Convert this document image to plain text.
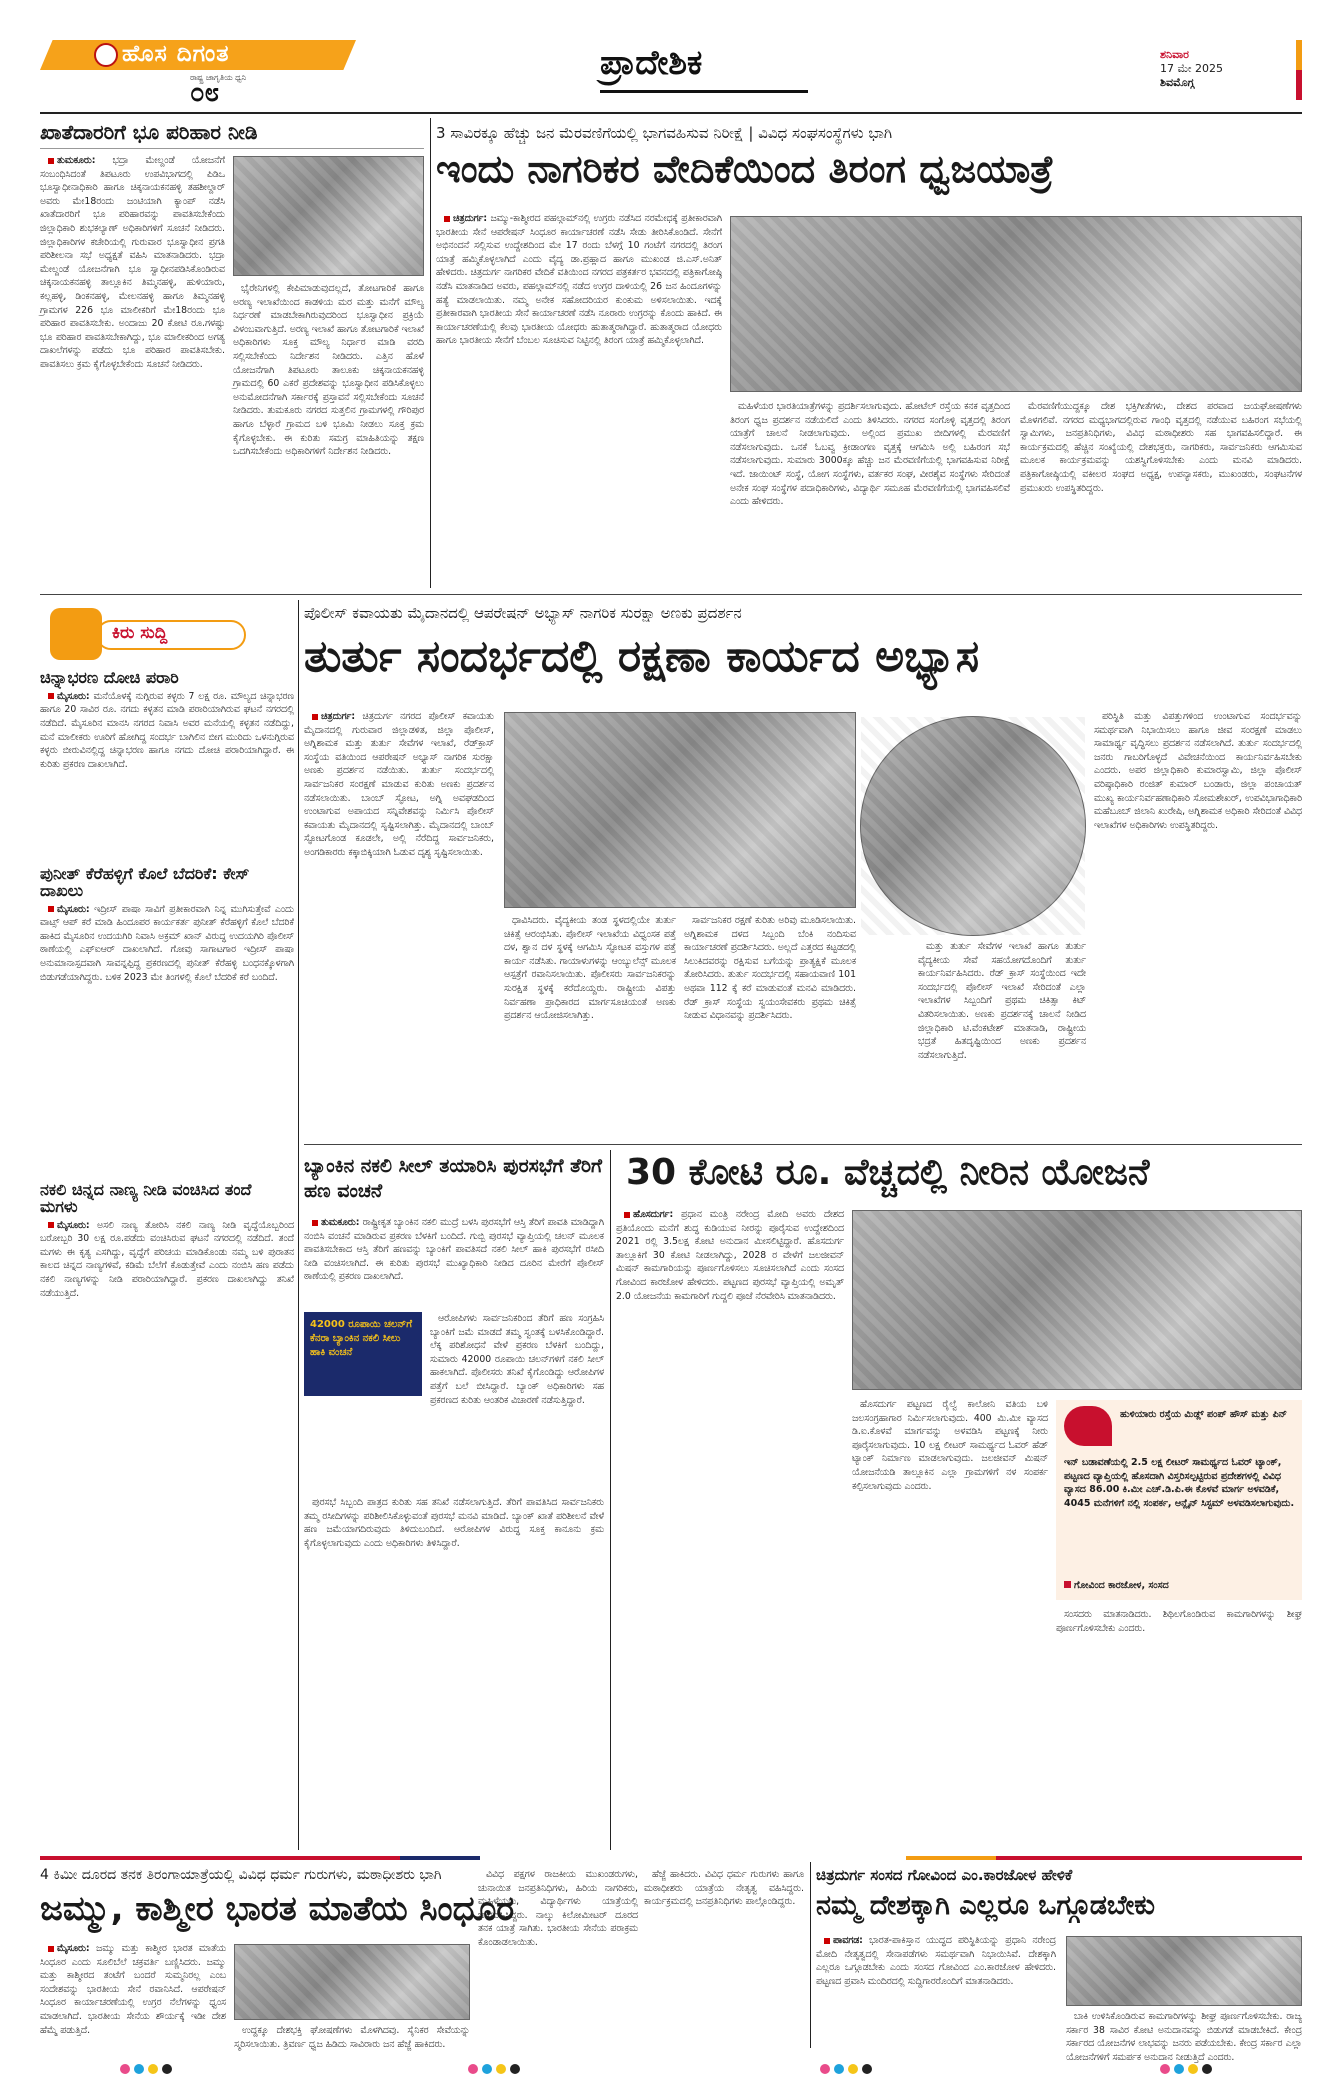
ಹೊಸ ದಿಗಂತ
ರಾಷ್ಟ್ರ ಜಾಗೃತಿಯ ಧ್ವನಿ
೦೮
ಪ್ರಾದೇಶಿಕ	ಶನಿವಾರ
17 ಮೇ 2025
ಶಿವಮೊಗ್ಗ
ಖಾತೆದಾರರಿಗೆ ಭೂ ಪರಿಹಾರ ನೀಡಿ

ತುಮಕೂರು: ಭದ್ರಾ ಮೇಲ್ದಂಡೆ ಯೋಜನೆಗೆ ಸಂಬಂಧಿಸಿದಂತೆ ತಿಪಟೂರು ಉಪವಿಭಾಗದಲ್ಲಿ ಪಿಡಿಒ ಭೂಸ್ವಾಧೀನಾಧಿಕಾರಿ ಹಾಗೂ ಚಿಕ್ಕನಾಯಕನಹಳ್ಳಿ ತಹಶೀಲ್ದಾರ್ ಅವರು ಮೇ18ರಂದು ಜಂಟಿಯಾಗಿ ಕ್ಯಾಂಪ್ ನಡೆಸಿ ಖಾತೆದಾರರಿಗೆ ಭೂ ಪರಿಹಾರವನ್ನು ಪಾವತಿಸಬೇಕೆಂದು ಜಿಲ್ಲಾಧಿಕಾರಿ ಶುಭಕಲ್ಯಾಣ್ ಅಧಿಕಾರಿಗಳಿಗೆ ಸೂಚನೆ ನೀಡಿದರು. ಜಿಲ್ಲಾಧಿಕಾರಿಗಳ ಕಚೇರಿಯಲ್ಲಿ ಗುರುವಾರ ಭೂಸ್ವಾಧೀನ ಪ್ರಗತಿ ಪರಿಶೀಲನಾ ಸಭೆ ಅಧ್ಯಕ್ಷತೆ ವಹಿಸಿ ಮಾತನಾಡಿದರು. ಭದ್ರಾ ಮೇಲ್ದಂಡೆ ಯೋಜನೆಗಾಗಿ ಭೂ ಸ್ವಾಧೀನಪಡಿಸಿಕೊಂಡಿರುವ ಚಿಕ್ಕನಾಯಕನಹಳ್ಳಿ ತಾಲ್ಲೂಕಿನ ತಿಮ್ಮನಹಳ್ಳಿ, ಹುಳಿಯಾರು, ಕಲ್ಲಹಳ್ಳಿ, ಡಿಂಕನಹಳ್ಳಿ, ಮೇಲನಹಳ್ಳಿ ಹಾಗೂ ತಿಮ್ಮನಹಳ್ಳಿ ಗ್ರಾಮಗಳ 226 ಭೂ ಮಾಲೀಕರಿಗೆ ಮೇ18ರಂದು ಭೂ ಪರಿಹಾರ ಪಾವತಿಸಬೇಕು. ಅಂದಾಜು 20 ಕೋಟಿ ರೂ.ಗಳಷ್ಟು ಭೂ ಪರಿಹಾರ ಪಾವತಿಸಬೇಕಾಗಿದ್ದು, ಭೂ ಮಾಲೀಕರಿಂದ ಅಗತ್ಯ ದಾಖಲೆಗಳನ್ನು ಪಡೆದು ಭೂ ಪರಿಹಾರ ಪಾವತಿಸಬೇಕು. ಪಾವತಿಸಲು ಕ್ರಮ ಕೈಗೊಳ್ಳಬೇಕೆಂದು ಸೂಚನೆ ನೀಡಿದರು.

ಭೈರೇನಿಗಳಲ್ಲಿ ಕೇಪಿಮಾಡುವುದಲ್ಲದೆ, ತೋಟಗಾರಿಕೆ ಹಾಗೂ ಅರಣ್ಯ ಇಲಾಖೆಯಿಂದ ಕಾಡಳಿಯ ಮರ ಮತ್ತು ಮನೆಗೆ ಮೌಲ್ಯ ನಿರ್ಧರಣೆ ಮಾಡಬೇಕಾಗಿರುವುದರಿಂದ ಭೂಸ್ವಾಧೀನ ಪ್ರಕ್ರಿಯೆ ವಿಳಂಬವಾಗುತ್ತಿದೆ. ಅರಣ್ಯ ಇಲಾಖೆ ಹಾಗೂ ತೋಟಗಾರಿಕೆ ಇಲಾಖೆ ಅಧಿಕಾರಿಗಳು ಸೂಕ್ತ ಮೌಲ್ಯ ನಿರ್ಧಾರ ಮಾಡಿ ವರದಿ ಸಲ್ಲಿಸಬೇಕೆಂದು ನಿರ್ದೇಶನ ನೀಡಿದರು. ಎತ್ತಿನ ಹೊಳೆ ಯೋಜನೆಗಾಗಿ ತಿಪಟೂರು ತಾಲೂಕು ಚಿಕ್ಕನಾಯಕನಹಳ್ಳಿ ಗ್ರಾಮದಲ್ಲಿ 60 ಎಕರೆ ಪ್ರದೇಶವನ್ನು ಭೂಸ್ವಾಧೀನ ಪಡಿಸಿಕೊಳ್ಳಲು ಅನುಮೋದನೆಗಾಗಿ ಸರ್ಕಾರಕ್ಕೆ ಪ್ರಸ್ತಾವನೆ ಸಲ್ಲಿಸಬೇಕೆಂದು ಸೂಚನೆ ನೀಡಿದರು. ತುಮಕೂರು ನಗರದ ಸುತ್ತಲಿನ ಗ್ರಾಮಗಳಲ್ಲಿ ಗೌರಿಪುರ ಹಾಗೂ ಬೆಳ್ಳಾರೆ ಗ್ರಾಮದ ಬಳಿ ಭೂಮಿ ನೀಡಲು ಸೂಕ್ತ ಕ್ರಮ ಕೈಗೊಳ್ಳಬೇಕು. ಈ ಕುರಿತು ಸಮಗ್ರ ಮಾಹಿತಿಯನ್ನು ತಕ್ಷಣ ಒದಗಿಸಬೇಕೆಂದು ಅಧಿಕಾರಿಗಳಿಗೆ ನಿರ್ದೇಶನ ನೀಡಿದರು.

3 ಸಾವಿರಕ್ಕೂ ಹೆಚ್ಚು ಜನ ಮೆರವಣಿಗೆಯಲ್ಲಿ ಭಾಗವಹಿಸುವ ನಿರೀಕ್ಷೆ | ವಿವಿಧ ಸಂಘಸಂಸ್ಥೆಗಳು ಭಾಗಿ
ಇಂದು ನಾಗರಿಕರ ವೇದಿಕೆಯಿಂದ ತಿರಂಗ ಧ್ವಜಯಾತ್ರೆ

ಚಿತ್ರದುರ್ಗ: ಜಮ್ಮು-ಕಾಶ್ಮೀರದ ಪಹಲ್ಗಾಮ್‌ನಲ್ಲಿ ಉಗ್ರರು ನಡೆಸಿದ ನರಮೇಧಕ್ಕೆ ಪ್ರತೀಕಾರವಾಗಿ ಭಾರತೀಯ ಸೇನೆ ಆಪರೇಷನ್ ಸಿಂಧೂರ ಕಾರ್ಯಾಚರಣೆ ನಡೆಸಿ ಸೇಡು ತೀರಿಸಿಕೊಂಡಿದೆ. ಸೇನೆಗೆ ಅಭಿನಂದನೆ ಸಲ್ಲಿಸುವ ಉದ್ದೇಶದಿಂದ ಮೇ 17 ರಂದು ಬೆಳಗ್ಗೆ 10 ಗಂಟೆಗೆ ನಗರದಲ್ಲಿ ತಿರಂಗ ಯಾತ್ರೆ ಹಮ್ಮಿಕೊಳ್ಳಲಾಗಿದೆ ಎಂದು ವೈದ್ಯ ಡಾ.ಪ್ರಹ್ಲಾದ ಹಾಗೂ ಮುಖಂಡ ಜಿ.ಎಸ್.ಅನಿತ್ ಹೇಳಿದರು. ಚಿತ್ರದುರ್ಗ ನಾಗರಿಕರ ವೇದಿಕೆ ವತಿಯಿಂದ ನಗರದ ಪತ್ರಕರ್ತರ ಭವನದಲ್ಲಿ ಪತ್ರಿಕಾಗೋಷ್ಠಿ ನಡೆಸಿ ಮಾತನಾಡಿದ ಅವರು, ಪಹಲ್ಗಾಮ್‌ನಲ್ಲಿ ನಡೆದ ಉಗ್ರರ ದಾಳಿಯಲ್ಲಿ 26 ಜನ ಹಿಂದೂಗಳನ್ನು ಹತ್ಯೆ ಮಾಡಲಾಯಿತು. ನಮ್ಮ ಅನೇಕ ಸಹೋದರಿಯರ ಕುಂಕುಮ ಅಳಿಸಲಾಯಿತು. ಇದಕ್ಕೆ ಪ್ರತೀಕಾರವಾಗಿ ಭಾರತೀಯ ಸೇನೆ ಕಾರ್ಯಾಚರಣೆ ನಡೆಸಿ ನೂರಾರು ಉಗ್ರರನ್ನು ಕೊಂದು ಹಾಕಿದೆ. ಈ ಕಾರ್ಯಾಚರಣೆಯಲ್ಲಿ ಕೆಲವು ಭಾರತೀಯ ಯೋಧರು ಹುತಾತ್ಮರಾಗಿದ್ದಾರೆ. ಹುತಾತ್ಮರಾದ ಯೋಧರು ಹಾಗೂ ಭಾರತೀಯ ಸೇನೆಗೆ ಬೆಂಬಲ ಸೂಚಿಸುವ ನಿಟ್ಟಿನಲ್ಲಿ ತಿರಂಗ ಯಾತ್ರೆ ಹಮ್ಮಿಕೊಳ್ಳಲಾಗಿದೆ.

ಮಹಿಳೆಯರ ಭಾರತಿಯಾತ್ರೆಗಳನ್ನು ಪ್ರದರ್ಶಿಸಲಾಗುವುದು. ಹೋಟೆಲ್ ರಸ್ತೆಯ ಕನಕ ವೃತ್ತದಿಂದ ತಿರಂಗ ಧ್ವಜ ಪ್ರದರ್ಶನ ನಡೆಯಲಿದೆ ಎಂದು ತಿಳಿಸಿದರು. ನಗರದ ಸಂಗೊಳ್ಳಿ ವೃತ್ತದಲ್ಲಿ ತಿರಂಗ ಯಾತ್ರೆಗೆ ಚಾಲನೆ ನೀಡಲಾಗುವುದು. ಅಲ್ಲಿಂದ ಪ್ರಮುಖ ಬೀದಿಗಳಲ್ಲಿ ಮೆರವಣಿಗೆ ನಡೆಸಲಾಗುವುದು. ಒನಕೆ ಓಬವ್ವ ಕ್ರೀಡಾಂಗಣ ವೃತ್ತಕ್ಕೆ ಆಗಮಿಸಿ ಅಲ್ಲಿ ಬಹಿರಂಗ ಸಭೆ ನಡೆಸಲಾಗುವುದು. ಸುಮಾರು 3000ಕ್ಕೂ ಹೆಚ್ಚು ಜನ ಮೆರವಣಿಗೆಯಲ್ಲಿ ಭಾಗವಹಿಸುವ ನಿರೀಕ್ಷೆ ಇದೆ. ಜಾಯಿಂಟ್ ಸಂಸ್ಥೆ, ಯೋಗ ಸಂಸ್ಥೆಗಳು, ವರ್ತಕರ ಸಂಘ, ವೀರಶೈವ ಸಂಸ್ಥೆಗಳು ಸೇರಿದಂತೆ ಅನೇಕ ಸಂಘ ಸಂಸ್ಥೆಗಳ ಪದಾಧಿಕಾರಿಗಳು, ವಿದ್ಯಾರ್ಥಿ ಸಮೂಹ ಮೆರವಣಿಗೆಯಲ್ಲಿ ಭಾಗವಹಿಸಲಿವೆ ಎಂದು ಹೇಳಿದರು.

ಮೆರವಣಿಗೆಯುದ್ದಕ್ಕೂ ದೇಶ ಭಕ್ತಿಗೀತೆಗಳು, ದೇಶದ ಪರವಾದ ಜಯಘೋಷಣೆಗಳು ಮೊಳಗಲಿವೆ. ನಗರದ ಮಧ್ಯಭಾಗದಲ್ಲಿರುವ ಗಾಂಧಿ ವೃತ್ತದಲ್ಲಿ ನಡೆಯುವ ಬಹಿರಂಗ ಸಭೆಯಲ್ಲಿ ಸ್ವಾಮಿಗಳು, ಜನಪ್ರತಿನಿಧಿಗಳು, ವಿವಿಧ ಮಠಾಧೀಶರು ಸಹ ಭಾಗವಹಿಸಲಿದ್ದಾರೆ. ಈ ಕಾರ್ಯಕ್ರಮದಲ್ಲಿ ಹೆಚ್ಚಿನ ಸಂಖ್ಯೆಯಲ್ಲಿ ದೇಶಭಕ್ತರು, ನಾಗರಿಕರು, ಸಾರ್ವಜನಿಕರು ಆಗಮಿಸುವ ಮೂಲಕ ಕಾರ್ಯಕ್ರಮವನ್ನು ಯಶಸ್ವಿಗೊಳಿಸಬೇಕು ಎಂದು ಮನವಿ ಮಾಡಿದರು. ಪತ್ರಿಕಾಗೋಷ್ಠಿಯಲ್ಲಿ ವಕೀಲರ ಸಂಘದ ಅಧ್ಯಕ್ಷ, ಉಪನ್ಯಾಸಕರು, ಮುಖಂಡರು, ಸಂಘಟನೆಗಳ ಪ್ರಮುಖರು ಉಪಸ್ಥಿತರಿದ್ದರು.

ಕಿರು ಸುದ್ದಿ
ಚಿನ್ನಾಭರಣ ದೋಚಿ ಪರಾರಿ

ಮೈಸೂರು: ಮನೆಯೊಳಕ್ಕೆ ನುಗ್ಗಿರುವ ಕಳ್ಳರು 7 ಲಕ್ಷ ರೂ. ಮೌಲ್ಯದ ಚಿನ್ನಾಭರಣ ಹಾಗೂ 20 ಸಾವಿರ ರೂ. ನಗದು ಕಳ್ಳತನ ಮಾಡಿ ಪರಾರಿಯಾಗಿರುವ ಘಟನೆ ನಗರದಲ್ಲಿ ನಡೆದಿದೆ. ಮೈಸೂರಿನ ಮಾನಸಿ ನಗರದ ನಿವಾಸಿ ಅವರ ಮನೆಯಲ್ಲಿ ಕಳ್ಳತನ ನಡೆದಿದ್ದು, ಮನೆ ಮಾಲೀಕರು ಊರಿಗೆ ಹೋಗಿದ್ದ ಸಂದರ್ಭ ಬಾಗಿಲಿನ ಬೀಗ ಮುರಿದು ಒಳನುಗ್ಗಿರುವ ಕಳ್ಳರು ಬೀರುವಿನಲ್ಲಿದ್ದ ಚಿನ್ನಾಭರಣ ಹಾಗೂ ನಗದು ದೋಚಿ ಪರಾರಿಯಾಗಿದ್ದಾರೆ. ಈ ಕುರಿತು ಪ್ರಕರಣ ದಾಖಲಾಗಿದೆ.

ಪುನೀತ್ ಕೆರೆಹಳ್ಳಿಗೆ ಕೊಲೆ ಬೆದರಿಕೆ: ಕೇಸ್ ದಾಖಲು

ಮೈಸೂರು: ಇದ್ರೀಸ್ ಪಾಷಾ ಸಾವಿಗೆ ಪ್ರತೀಕಾರವಾಗಿ ನಿನ್ನ ಮುಗಿಸುತ್ತೇವೆ ಎಂದು ವಾಟ್ಸ್ ಆಪ್ ಕರೆ ಮಾಡಿ ಹಿಂದೂಪರ ಕಾರ್ಯಕರ್ತ ಪುನೀತ್ ಕೆರೆಹಳ್ಳಿಗೆ ಕೊಲೆ ಬೆದರಿಕೆ ಹಾಕಿದ ಮೈಸೂರಿನ ಉದಯಗಿರಿ ನಿವಾಸಿ ಅಕ್ರಮ್ ಖಾನ್ ವಿರುದ್ಧ ಉದಯಗಿರಿ ಪೊಲೀಸ್ ಠಾಣೆಯಲ್ಲಿ ಎಫ್‌ಐಆರ್ ದಾಖಲಾಗಿದೆ. ಗೋವು ಸಾಗಾಟಗಾರ ಇದ್ರೀಸ್ ಪಾಷಾ ಅನುಮಾನಾಸ್ಪದವಾಗಿ ಸಾವನ್ನಪ್ಪಿದ್ದ ಪ್ರಕರಣದಲ್ಲಿ ಪುನೀತ್ ಕೆರೆಹಳ್ಳಿ ಬಂಧನಕ್ಕೊಳಗಾಗಿ ಬಿಡುಗಡೆಯಾಗಿದ್ದರು. ಬಳಿಕ 2023 ಮೇ ತಿಂಗಳಲ್ಲಿ ಕೊಲೆ ಬೆದರಿಕೆ ಕರೆ ಬಂದಿದೆ.

ನಕಲಿ ಚಿನ್ನದ ನಾಣ್ಯ ನೀಡಿ ವಂಚಿಸಿದ ತಂದೆ ಮಗಳು

ಮೈಸೂರು: ಅಸಲಿ ನಾಣ್ಯ ತೋರಿಸಿ ನಕಲಿ ನಾಣ್ಯ ನೀಡಿ ವೃದ್ಧೆಯೊಬ್ಬರಿಂದ ಬರೋಬ್ಬರಿ 30 ಲಕ್ಷ ರೂ.ಪಡೆದು ವಂಚಿಸಿರುವ ಘಟನೆ ನಗರದಲ್ಲಿ ನಡೆದಿದೆ. ತಂದೆ ಮಗಳು ಈ ಕೃತ್ಯ ಎಸಗಿದ್ದು, ವೃದ್ಧೆಗೆ ಪರಿಚಯ ಮಾಡಿಕೊಂಡು ನಮ್ಮ ಬಳಿ ಪುರಾತನ ಕಾಲದ ಚಿನ್ನದ ನಾಣ್ಯಗಳಿವೆ, ಕಡಿಮೆ ಬೆಲೆಗೆ ಕೊಡುತ್ತೇವೆ ಎಂದು ನಂಬಿಸಿ ಹಣ ಪಡೆದು ನಕಲಿ ನಾಣ್ಯಗಳನ್ನು ನೀಡಿ ಪರಾರಿಯಾಗಿದ್ದಾರೆ. ಪ್ರಕರಣ ದಾಖಲಾಗಿದ್ದು ತನಿಖೆ ನಡೆಯುತ್ತಿದೆ.

ಪೊಲೀಸ್ ಕವಾಯತು ಮೈದಾನದಲ್ಲಿ ಆಪರೇಷನ್ ಅಭ್ಯಾಸ್ ನಾಗರಿಕ ಸುರಕ್ಷಾ ಅಣಕು ಪ್ರದರ್ಶನ
ತುರ್ತು ಸಂದರ್ಭದಲ್ಲಿ ರಕ್ಷಣಾ ಕಾರ್ಯದ ಅಭ್ಯಾಸ

ಚಿತ್ರದುರ್ಗ: ಚಿತ್ರದುರ್ಗ ನಗರದ ಪೊಲೀಸ್ ಕವಾಯತು ಮೈದಾನದಲ್ಲಿ ಗುರುವಾರ ಜಿಲ್ಲಾಡಳಿತ, ಜಿಲ್ಲಾ ಪೊಲೀಸ್, ಅಗ್ನಿಶಾಮಕ ಮತ್ತು ತುರ್ತು ಸೇವೆಗಳ ಇಲಾಖೆ, ರೆಡ್‌ಕ್ರಾಸ್ ಸಂಸ್ಥೆಯ ವತಿಯಿಂದ ಆಪರೇಷನ್ ಅಭ್ಯಾಸ್ ನಾಗರಿಕ ಸುರಕ್ಷಾ ಅಣಕು ಪ್ರದರ್ಶನ ನಡೆಯಿತು. ತುರ್ತು ಸಂದರ್ಭದಲ್ಲಿ ಸಾರ್ವಜನಿಕರ ಸಂರಕ್ಷಣೆ ಮಾಡುವ ಕುರಿತು ಅಣಕು ಪ್ರದರ್ಶನ ನಡೆಸಲಾಯಿತು. ಬಾಂಬ್ ಸ್ಫೋಟ, ಅಗ್ನಿ ಅವಘಡದಿಂದ ಉಂಟಾಗುವ ಅಪಾಯದ ಸನ್ನಿವೇಶವನ್ನು ನಿರ್ಮಿಸಿ ಪೊಲೀಸ್ ಕವಾಯತು ಮೈದಾನದಲ್ಲಿ ಸೃಷ್ಟಿಸಲಾಗಿತ್ತು. ಮೈದಾನದಲ್ಲಿ ಬಾಂಬ್ ಸ್ಫೋಟಗೊಂಡ ಕೂಡಲೇ, ಅಲ್ಲಿ ನೆರೆದಿದ್ದ ಸಾರ್ವಜನಿಕರು, ಅಂಗಡಿಕಾರರು ಕಕ್ಕಾಬಿಕ್ಕಿಯಾಗಿ ಓಡುವ ದೃಶ್ಯ ಸೃಷ್ಟಿಸಲಾಯಿತು.

ಧಾವಿಸಿದರು. ವೈದ್ಯಕೀಯ ತಂಡ ಸ್ಥಳದಲ್ಲಿಯೇ ತುರ್ತು ಚಿಕಿತ್ಸೆ ಆರಂಭಿಸಿತು. ಪೊಲೀಸ್ ಇಲಾಖೆಯ ವಿಧ್ವಂಸಕ ಪತ್ತೆ ದಳ, ಶ್ವಾನ ದಳ ಸ್ಥಳಕ್ಕೆ ಆಗಮಿಸಿ ಸ್ಫೋಟಕ ವಸ್ತುಗಳ ಪತ್ತೆ ಕಾರ್ಯ ನಡೆಸಿತು. ಗಾಯಾಳುಗಳನ್ನು ಆಂಬ್ಯುಲೆನ್ಸ್ ಮೂಲಕ ಆಸ್ಪತ್ರೆಗೆ ರವಾನಿಸಲಾಯಿತು. ಪೊಲೀಸರು ಸಾರ್ವಜನಿಕರನ್ನು ಸುರಕ್ಷಿತ ಸ್ಥಳಕ್ಕೆ ಕರೆದೊಯ್ದರು. ರಾಷ್ಟ್ರೀಯ ವಿಪತ್ತು ನಿರ್ವಹಣಾ ಪ್ರಾಧಿಕಾರದ ಮಾರ್ಗಸೂಚಿಯಂತೆ ಅಣಕು ಪ್ರದರ್ಶನ ಆಯೋಜಿಸಲಾಗಿತ್ತು.

ಸಾರ್ವಜನಿಕರ ರಕ್ಷಣೆ ಕುರಿತು ಅರಿವು ಮೂಡಿಸಲಾಯಿತು. ಅಗ್ನಿಶಾಮಕ ದಳದ ಸಿಬ್ಬಂದಿ ಬೆಂಕಿ ನಂದಿಸುವ ಕಾರ್ಯಾಚರಣೆ ಪ್ರದರ್ಶಿಸಿದರು. ಅಲ್ಲದೆ ಎತ್ತರದ ಕಟ್ಟಡದಲ್ಲಿ ಸಿಲುಕಿದವರನ್ನು ರಕ್ಷಿಸುವ ಬಗೆಯನ್ನು ಪ್ರಾತ್ಯಕ್ಷಿಕೆ ಮೂಲಕ ತೋರಿಸಿದರು. ತುರ್ತು ಸಂದರ್ಭದಲ್ಲಿ ಸಹಾಯವಾಣಿ 101 ಅಥವಾ 112 ಕ್ಕೆ ಕರೆ ಮಾಡುವಂತೆ ಮನವಿ ಮಾಡಿದರು. ರೆಡ್ ಕ್ರಾಸ್ ಸಂಸ್ಥೆಯ ಸ್ವಯಂಸೇವಕರು ಪ್ರಥಮ ಚಿಕಿತ್ಸೆ ನೀಡುವ ವಿಧಾನವನ್ನು ಪ್ರದರ್ಶಿಸಿದರು.

ಮತ್ತು ತುರ್ತು ಸೇವೆಗಳ ಇಲಾಖೆ ಹಾಗೂ ತುರ್ತು ವೈದ್ಯಕೀಯ ಸೇವೆ ಸಹಯೋಗದೊಂದಿಗೆ ತುರ್ತು ಕಾರ್ಯನಿರ್ವಹಿಸಿದರು. ರೆಡ್ ಕ್ರಾಸ್ ಸಂಸ್ಥೆಯಿಂದ ಇದೇ ಸಂದರ್ಭದಲ್ಲಿ ಪೊಲೀಸ್ ಇಲಾಖೆ ಸೇರಿದಂತೆ ಎಲ್ಲಾ ಇಲಾಖೆಗಳ ಸಿಬ್ಬಂದಿಗೆ ಪ್ರಥಮ ಚಿಕಿತ್ಸಾ ಕಿಟ್ ವಿತರಿಸಲಾಯಿತು. ಅಣಕು ಪ್ರದರ್ಶನಕ್ಕೆ ಚಾಲನೆ ನೀಡಿದ ಜಿಲ್ಲಾಧಿಕಾರಿ ಟಿ.ವೆಂಕಟೇಶ್ ಮಾತನಾಡಿ, ರಾಷ್ಟ್ರೀಯ ಭದ್ರತೆ ಹಿತದೃಷ್ಟಿಯಿಂದ ಅಣಕು ಪ್ರದರ್ಶನ ನಡೆಸಲಾಗುತ್ತಿದೆ.

ಪರಿಸ್ಥಿತಿ ಮತ್ತು ವಿಪತ್ತುಗಳಿಂದ ಉಂಟಾಗುವ ಸಂದರ್ಭವನ್ನು ಸಮರ್ಥವಾಗಿ ನಿಭಾಯಿಸಲು ಹಾಗೂ ಜೀವ ಸಂರಕ್ಷಣೆ ಮಾಡಲು ಸಾಮಾರ್ಥ್ಯ ವೃದ್ಧಿಸಲು ಪ್ರದರ್ಶನ ನಡೆಸಲಾಗಿದೆ. ತುರ್ತು ಸಂದರ್ಭದಲ್ಲಿ ಜನರು ಗಾಬರಿಗೊಳ್ಳದೆ ವಿವೇಚನೆಯಿಂದ ಕಾರ್ಯನಿರ್ವಹಿಸಬೇಕು ಎಂದರು. ಅಪರ ಜಿಲ್ಲಾಧಿಕಾರಿ ಕುಮಾರಸ್ವಾಮಿ, ಜಿಲ್ಲಾ ಪೊಲೀಸ್ ವರಿಷ್ಠಾಧಿಕಾರಿ ರಂಜಿತ್ ಕುಮಾರ್ ಬಂಡಾರು, ಜಿಲ್ಲಾ ಪಂಚಾಯತ್ ಮುಖ್ಯ ಕಾರ್ಯನಿರ್ವಹಣಾಧಿಕಾರಿ ಸೋಮಶೇಖರ್, ಉಪವಿಭಾಗಾಧಿಕಾರಿ ಮಹೆಬೂಬ್ ಜಿಲಾನಿ ಖುರೇಷಿ, ಅಗ್ನಿಶಾಮಕ ಅಧಿಕಾರಿ ಸೇರಿದಂತೆ ವಿವಿಧ ಇಲಾಖೆಗಳ ಅಧಿಕಾರಿಗಳು ಉಪಸ್ಥಿತರಿದ್ದರು.

ಬ್ಯಾಂಕಿನ ನಕಲಿ ಸೀಲ್ ತಯಾರಿಸಿ ಪುರಸಭೆಗೆ ತೆರಿಗೆ ಹಣ ವಂಚನೆ

ತುಮಕೂರು: ರಾಷ್ಟ್ರೀಕೃತ ಬ್ಯಾಂಕಿನ ನಕಲಿ ಮುದ್ರೆ ಬಳಸಿ ಪುರಸಭೆಗೆ ಆಸ್ತಿ ತೆರಿಗೆ ಪಾವತಿ ಮಾಡಿದ್ದಾಗಿ ನಂಬಿಸಿ ವಂಚನೆ ಮಾಡಿರುವ ಪ್ರಕರಣ ಬೆಳಕಿಗೆ ಬಂದಿದೆ. ಗುಬ್ಬಿ ಪುರಸಭೆ ವ್ಯಾಪ್ತಿಯಲ್ಲಿ ಚಲನ್ ಮೂಲಕ ಪಾವತಿಸಬೇಕಾದ ಆಸ್ತಿ ತೆರಿಗೆ ಹಣವನ್ನು ಬ್ಯಾಂಕಿಗೆ ಪಾವತಿಸದೆ ನಕಲಿ ಸೀಲ್ ಹಾಕಿ ಪುರಸಭೆಗೆ ರಸೀದಿ ನೀಡಿ ವಂಚಿಸಲಾಗಿದೆ. ಈ ಕುರಿತು ಪುರಸಭೆ ಮುಖ್ಯಾಧಿಕಾರಿ ನೀಡಿದ ದೂರಿನ ಮೇರೆಗೆ ಪೊಲೀಸ್ ಠಾಣೆಯಲ್ಲಿ ಪ್ರಕರಣ ದಾಖಲಾಗಿದೆ.

42000 ರೂಪಾಯಿ ಚಲನ್‌ಗೆ ಕೆನರಾ ಬ್ಯಾಂಕಿನ ನಕಲಿ ಸೀಲು ಹಾಕಿ ವಂಚನೆ

ಆರೋಪಿಗಳು ಸಾರ್ವಜನಿಕರಿಂದ ತೆರಿಗೆ ಹಣ ಸಂಗ್ರಹಿಸಿ ಬ್ಯಾಂಕಿಗೆ ಜಮೆ ಮಾಡದೆ ತಮ್ಮ ಸ್ವಂತಕ್ಕೆ ಬಳಸಿಕೊಂಡಿದ್ದಾರೆ. ಲೆಕ್ಕ ಪರಿಶೋಧನೆ ವೇಳೆ ಪ್ರಕರಣ ಬೆಳಕಿಗೆ ಬಂದಿದ್ದು, ಸುಮಾರು 42000 ರೂಪಾಯಿ ಚಲನ್‌ಗಳಿಗೆ ನಕಲಿ ಸೀಲ್ ಹಾಕಲಾಗಿದೆ. ಪೊಲೀಸರು ತನಿಖೆ ಕೈಗೊಂಡಿದ್ದು ಆರೋಪಿಗಳ ಪತ್ತೆಗೆ ಬಲೆ ಬೀಸಿದ್ದಾರೆ. ಬ್ಯಾಂಕ್ ಅಧಿಕಾರಿಗಳು ಸಹ ಪ್ರಕರಣದ ಕುರಿತು ಆಂತರಿಕ ವಿಚಾರಣೆ ನಡೆಸುತ್ತಿದ್ದಾರೆ.

ಪುರಸಭೆ ಸಿಬ್ಬಂದಿ ಪಾತ್ರದ ಕುರಿತು ಸಹ ತನಿಖೆ ನಡೆಸಲಾಗುತ್ತಿದೆ. ತೆರಿಗೆ ಪಾವತಿಸಿದ ಸಾರ್ವಜನಿಕರು ತಮ್ಮ ರಸೀದಿಗಳನ್ನು ಪರಿಶೀಲಿಸಿಕೊಳ್ಳುವಂತೆ ಪುರಸಭೆ ಮನವಿ ಮಾಡಿದೆ. ಬ್ಯಾಂಕ್ ಖಾತೆ ಪರಿಶೀಲನೆ ವೇಳೆ ಹಣ ಜಮೆಯಾಗದಿರುವುದು ತಿಳಿದುಬಂದಿದೆ. ಆರೋಪಿಗಳ ವಿರುದ್ಧ ಸೂಕ್ತ ಕಾನೂನು ಕ್ರಮ ಕೈಗೊಳ್ಳಲಾಗುವುದು ಎಂದು ಅಧಿಕಾರಿಗಳು ತಿಳಿಸಿದ್ದಾರೆ.

30 ಕೋಟಿ ರೂ. ವೆಚ್ಚದಲ್ಲಿ ನೀರಿನ ಯೋಜನೆ

ಹೊಸದುರ್ಗ: ಪ್ರಧಾನ ಮಂತ್ರಿ ನರೇಂದ್ರ ಮೋದಿ ಅವರು ದೇಶದ ಪ್ರತಿಯೊಂದು ಮನೆಗೆ ಶುದ್ಧ ಕುಡಿಯುವ ನೀರನ್ನು ಪೂರೈಸುವ ಉದ್ದೇಶದಿಂದ 2021 ರಲ್ಲಿ 3.5ಲಕ್ಷ ಕೋಟಿ ಅನುದಾನ ಮೀಸಲಿಟ್ಟಿದ್ದಾರೆ. ಹೊಸದುರ್ಗ ತಾಲ್ಲೂಕಿಗೆ 30 ಕೋಟಿ ನೀಡಲಾಗಿದ್ದು, 2028 ರ ವೇಳೆಗೆ ಜಲಜೀವನ್ ಮಿಷನ್ ಕಾಮಗಾರಿಯನ್ನು ಪೂರ್ಣಗೊಳಿಸಲು ಸೂಚಿಸಲಾಗಿದೆ ಎಂದು ಸಂಸದ ಗೋವಿಂದ ಕಾರಜೋಳ ಹೇಳಿದರು. ಪಟ್ಟಣದ ಪುರಸಭೆ ವ್ಯಾಪ್ತಿಯಲ್ಲಿ ಅಮೃತ್ 2.0 ಯೋಜನೆಯ ಕಾಮಗಾರಿಗೆ ಗುದ್ದಲಿ ಪೂಜೆ ನೆರವೇರಿಸಿ ಮಾತನಾಡಿದರು.

ಹೊಸದುರ್ಗ ಪಟ್ಟಣದ ರೈಲ್ವೆ ಕಾಲೋನಿ ವತಿಯ ಬಳಿ ಜಲಸಂಗ್ರಹಾಗಾರ ನಿರ್ಮಿಸಲಾಗುವುದು. 400 ಮಿ.ಮೀ ವ್ಯಾಸದ ಡಿ.ಐ.ಕೊಳವೆ ಮಾರ್ಗವನ್ನು ಅಳವಡಿಸಿ ಪಟ್ಟಣಕ್ಕೆ ನೀರು ಪೂರೈಸಲಾಗುವುದು. 10 ಲಕ್ಷ ಲೀಟರ್ ಸಾಮರ್ಥ್ಯದ ಓವರ್ ಹೆಡ್ ಟ್ಯಾಂಕ್ ನಿರ್ಮಾಣ ಮಾಡಲಾಗುವುದು. ಜಲಜೀವನ್ ಮಿಷನ್ ಯೋಜನೆಯಡಿ ತಾಲ್ಲೂಕಿನ ಎಲ್ಲಾ ಗ್ರಾಮಗಳಿಗೆ ನಳ ಸಂಪರ್ಕ ಕಲ್ಪಿಸಲಾಗುವುದು ಎಂದರು.

ಹುಳಿಯಾರು ರಸ್ತೆಯ ಮಿಡ್ಲ್ ಪಂಪ್ ಹೌಸ್ ಮತ್ತು ಪಿನ್
ಇನ್ ಬಡಾವಣೆಯಲ್ಲಿ 2.5 ಲಕ್ಷ ಲೀಟರ್ ಸಾಮರ್ಥ್ಯದ ಓವರ್ ಟ್ಯಾಂಕ್, ಪಟ್ಟಣದ ವ್ಯಾಪ್ತಿಯಲ್ಲಿ ಹೊಸದಾಗಿ ವಿಸ್ತರಿಸಲ್ಪಟ್ಟಿರುವ ಪ್ರದೇಶಗಳಲ್ಲಿ ವಿವಿಧ ವ್ಯಾಸದ 86.00 ಕಿ.ಮೀ ಎಚ್.ಡಿ.ಪಿ.ಈ ಕೊಳವೆ ಮಾರ್ಗ ಅಳವಡಿಕೆ, 4045 ಮನೆಗಳಿಗೆ ನಲ್ಲಿ ಸಂಪರ್ಕ, ಆನ್ಲೈನ್ ಸಿಸ್ಟಮ್ ಅಳವಡಿಸಲಾಗುವುದು.
ಗೋವಿಂದ ಕಾರಜೋಳ, ಸಂಸದ

ಸಂಸದರು ಮಾತನಾಡಿದರು. ಶಿಥಿಲಗೊಂಡಿರುವ ಕಾಮಗಾರಿಗಳನ್ನು ಶೀಘ್ರ ಪೂರ್ಣಗೊಳಿಸಬೇಕು ಎಂದರು.

4 ಕಿಮೀ ದೂರದ ತನಕ ತಿರಂಗಾಯಾತ್ರೆಯಲ್ಲಿ ವಿವಿಧ ಧರ್ಮ ಗುರುಗಳು, ಮಠಾಧೀಶರು ಭಾಗಿ
ಜಮ್ಮು, ಕಾಶ್ಮೀರ ಭಾರತ ಮಾತೆಯ ಸಿಂಧೂರ

ಮೈಸೂರು: ಜಮ್ಮು ಮತ್ತು ಕಾಶ್ಮೀರ ಭಾರತ ಮಾತೆಯ ಸಿಂಧೂರ ಎಂದು ಸೂಲಿಬೆಲೆ ಚಕ್ರವರ್ತಿ ಬಣ್ಣಿಸಿದರು. ಜಮ್ಮು ಮತ್ತು ಕಾಶ್ಮೀರದ ತಂಟೆಗೆ ಬಂದರೆ ಸುಮ್ಮನಿರಲ್ಲ ಎಂಬ ಸಂದೇಶವನ್ನು ಭಾರತೀಯ ಸೇನೆ ರವಾನಿಸಿದೆ. ಆಪರೇಷನ್ ಸಿಂಧೂರ ಕಾರ್ಯಾಚರಣೆಯಲ್ಲಿ ಉಗ್ರರ ನೆಲೆಗಳನ್ನು ಧ್ವಂಸ ಮಾಡಲಾಗಿದೆ. ಭಾರತೀಯ ಸೇನೆಯ ಶೌರ್ಯಕ್ಕೆ ಇಡೀ ದೇಶ ಹೆಮ್ಮೆ ಪಡುತ್ತಿದೆ.	ಉದ್ದಕ್ಕೂ ದೇಶಭಕ್ತಿ ಘೋಷಣೆಗಳು ಮೊಳಗಿದವು. ಸೈನಿಕರ ಸೇವೆಯನ್ನು ಸ್ಮರಿಸಲಾಯಿತು. ತ್ರಿವರ್ಣ ಧ್ವಜ ಹಿಡಿದು ಸಾವಿರಾರು ಜನ ಹೆಜ್ಜೆ ಹಾಕಿದರು.

ವಿವಿಧ ಪಕ್ಷಗಳ ರಾಜಕೀಯ ಮುಖಂಡರುಗಳು, ಚುನಾಯಿತ ಜನಪ್ರತಿನಿಧಿಗಳು, ಹಿರಿಯ ನಾಗರಿಕರು, ಮಹಿಳೆಯರು, ವಿದ್ಯಾರ್ಥಿಗಳು ಯಾತ್ರೆಯಲ್ಲಿ ಭಾಗವಹಿಸಿದ್ದರು. ನಾಲ್ಕು ಕಿಲೋಮೀಟರ್ ದೂರದ ತನಕ ಯಾತ್ರೆ ಸಾಗಿತು. ಭಾರತೀಯ ಸೇನೆಯ ಪರಾಕ್ರಮ ಕೊಂಡಾಡಲಾಯಿತು.

ಹೆಜ್ಜೆ ಹಾಕಿದರು. ವಿವಿಧ ಧರ್ಮ ಗುರುಗಳು ಹಾಗೂ ಮಠಾಧೀಶರು ಯಾತ್ರೆಯ ನೇತೃತ್ವ ವಹಿಸಿದ್ದರು. ಕಾರ್ಯಕ್ರಮದಲ್ಲಿ ಜನಪ್ರತಿನಿಧಿಗಳು ಪಾಲ್ಗೊಂಡಿದ್ದರು.

ಚಿತ್ರದುರ್ಗ ಸಂಸದ ಗೋವಿಂದ ಎಂ.ಕಾರಜೋಳ ಹೇಳಿಕೆ
ನಮ್ಮ ದೇಶಕ್ಕಾಗಿ ಎಲ್ಲರೂ ಒಗ್ಗೂಡಬೇಕು

ಪಾವಗಡ: ಭಾರತ-ಪಾಕಿಸ್ತಾನ ಯುದ್ಧದ ಪರಿಸ್ಥಿತಿಯನ್ನು ಪ್ರಧಾನಿ ನರೇಂದ್ರ ಮೋದಿ ನೇತೃತ್ವದಲ್ಲಿ ಸೇನಾಪಡೆಗಳು ಸಮರ್ಥವಾಗಿ ನಿಭಾಯಿಸಿವೆ. ದೇಶಕ್ಕಾಗಿ ಎಲ್ಲರೂ ಒಗ್ಗೂಡಬೇಕು ಎಂದು ಸಂಸದ ಗೋವಿಂದ ಎಂ.ಕಾರಜೋಳ ಹೇಳಿದರು. ಪಟ್ಟಣದ ಪ್ರವಾಸಿ ಮಂದಿರದಲ್ಲಿ ಸುದ್ದಿಗಾರರೊಂದಿಗೆ ಮಾತನಾಡಿದರು.

ಬಾಕಿ ಉಳಿಸಿಕೊಂಡಿರುವ ಕಾಮಗಾರಿಗಳನ್ನು ಶೀಘ್ರ ಪೂರ್ಣಗೊಳಿಸಬೇಕು. ರಾಜ್ಯ ಸರ್ಕಾರ 38 ಸಾವಿರ ಕೋಟಿ ಅನುದಾನವನ್ನು ಬಿಡುಗಡೆ ಮಾಡಬೇಕಿದೆ. ಕೇಂದ್ರ ಸರ್ಕಾರದ ಯೋಜನೆಗಳ ಲಾಭವನ್ನು ಜನರು ಪಡೆಯಬೇಕು. ಕೇಂದ್ರ ಸರ್ಕಾರ ಎಲ್ಲಾ ಯೋಜನೆಗಳಿಗೆ ಸಮರ್ಪಕ ಅನುದಾನ ನೀಡುತ್ತಿದೆ ಎಂದರು.
